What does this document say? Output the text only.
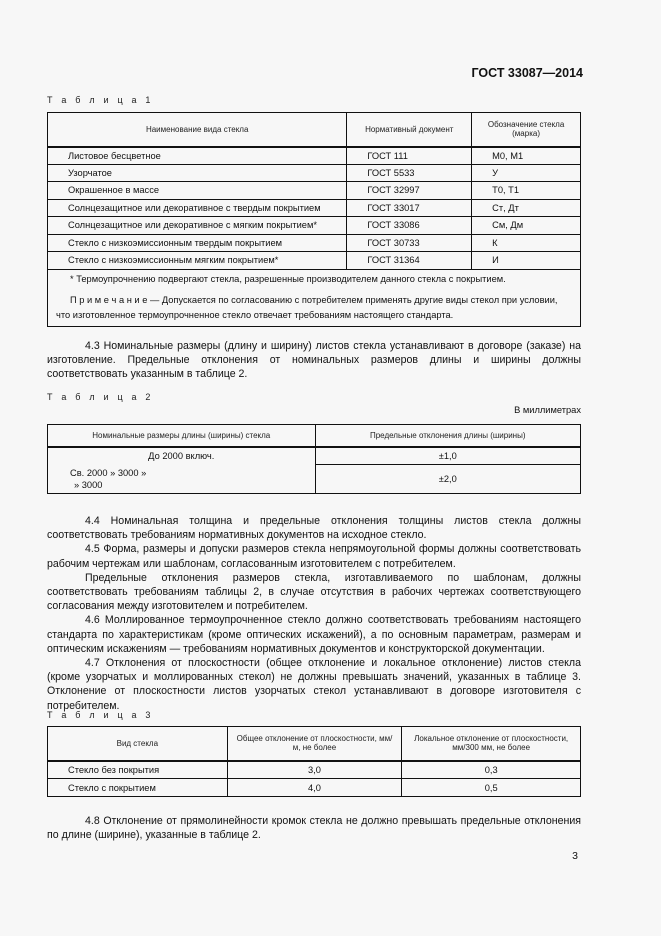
ГОСТ 33087—2014
Т а б л и ц а 1
Наименование вида стекла	Нормативный документ	Обозначение стекла (марка)
Листовое бесцветное	ГОСТ 111	М0, М1
Узорчатое	ГОСТ 5533	У
Окрашенное в массе	ГОСТ 32997	Т0, Т1
Солнцезащитное или декоративное с твердым покрытием	ГОСТ 33017	Сᴛ, Дᴛ
Солнцезащитное или декоративное с мягким покрытием*	ГОСТ 33086	Сᴍ, Дᴍ
Стекло с низкоэмиссионным твердым покрытием	ГОСТ 30733	К
Стекло с низкоэмиссионным мягким покрытием*	ГОСТ 31364	И

* Термоупрочнению подвергают стекла, разрешенные производителем данного стекла с покрытием.

П р и м е ч а н и е — Допускается по согласованию с потребителем применять другие виды стекол при условии, что изготовленное термоупрочненное стекло отвечает требованиям настоящего стандарта.		

4.3 Номинальные размеры (длину и ширину) листов стекла устанавливают в договоре (заказе) на изготовление. Предельные отклонения от номинальных размеров длины и ширины должны соответствовать указанным в таблице 2.

Т а б л и ц а 2
В миллиметрах
Номинальные размеры длины (ширины) стекла	Предельные отклонения длины (ширины)
До 2000 включ.	±1,0

Св. 2000 » 3000 »
» 3000	±2,0

4.4 Номинальная толщина и предельные отклонения толщины листов стекла должны соответствовать требованиям нормативных документов на исходное стекло.

4.5 Форма, размеры и допуски размеров стекла непрямоугольной формы должны соответствовать рабочим чертежам или шаблонам, согласованным изготовителем с потребителем.

Предельные отклонения размеров стекла, изготавливаемого по шаблонам, должны соответствовать требованиям таблицы 2, в случае отсутствия в рабочих чертежах соответствующего согласования между изготовителем и потребителем.

4.6 Моллированное термоупрочненное стекло должно соответствовать требованиям настоящего стандарта по характеристикам (кроме оптических искажений), а по основным параметрам, размерам и оптическим искажениям — требованиям нормативных документов и конструкторской документации.

4.7 Отклонения от плоскостности (общее отклонение и локальное отклонение) листов стекла (кроме узорчатых и моллированных стекол) не должны превышать значений, указанных в таблице 3. Отклонение от плоскостности листов узорчатых стекол устанавливают в договоре изготовителя с потребителем.

Т а б л и ц а 3
Вид стекла	Общее отклонение от плоскостности, мм/м, не более	Локальное отклонение от плоскостности, мм/300 мм, не более
Стекло без покрытия	3,0	0,3
Стекло с покрытием	4,0	0,5

4.8 Отклонение от прямолинейности кромок стекла не должно превышать предельные отклонения по длине (ширине), указанные в таблице 2.

3
